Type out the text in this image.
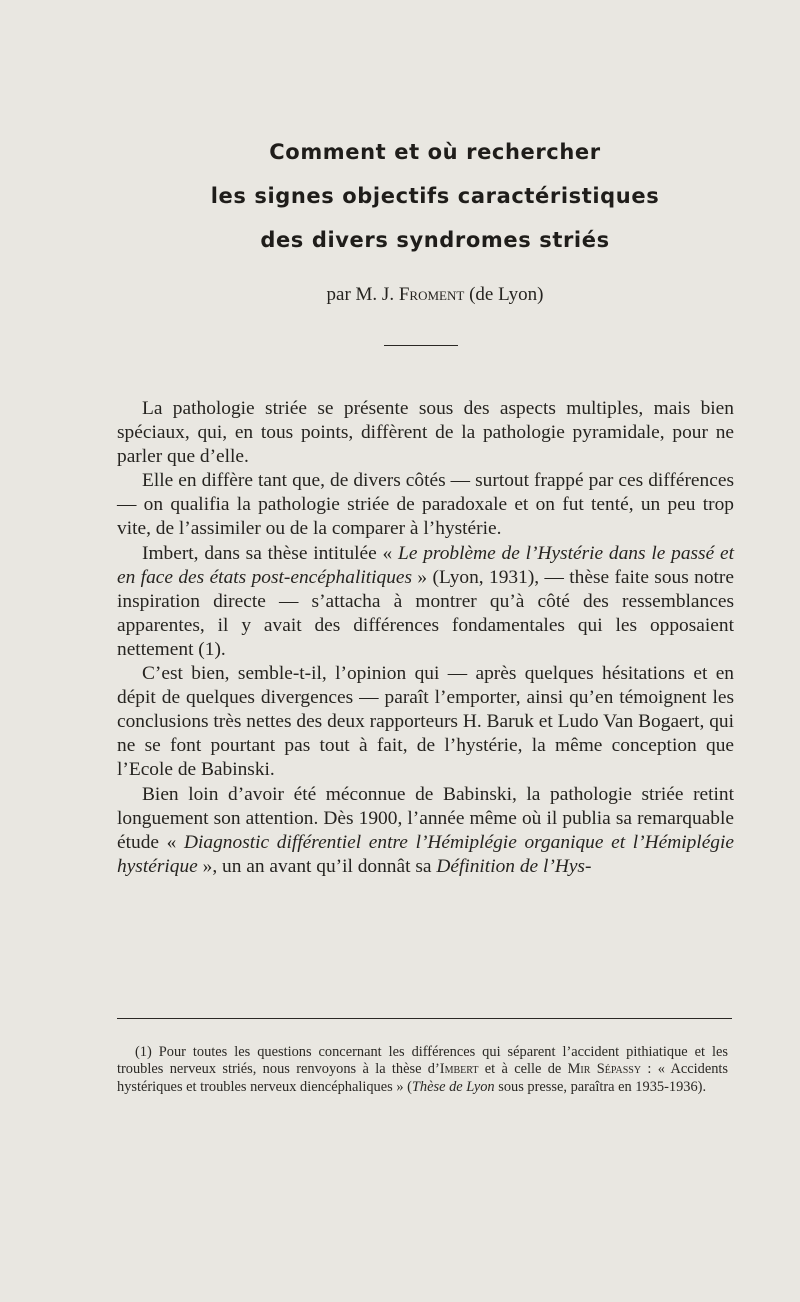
Comment et où rechercher
les signes objectifs caractéristiques
des divers syndromes striés
par M. J. Froment (de Lyon)

La pathologie striée se présente sous des aspects multiples, mais bien spéciaux, qui, en tous points, diffèrent de la pathologie pyramidale, pour ne parler que d’elle.

Elle en diffère tant que, de divers côtés — surtout frappé par ces différences — on qualifia la pathologie striée de paradoxale et on fut tenté, un peu trop vite, de l’assimiler ou de la comparer à l’hystérie.

Imbert, dans sa thèse intitulée « Le problème de l’Hystérie dans le passé et en face des états post-encéphalitiques » (Lyon, 1931), — thèse faite sous notre inspiration directe — s’attacha à montrer qu’à côté des ressemblances apparentes, il y avait des différences fondamentales qui les opposaient nettement (1).

C’est bien, semble-t-il, l’opinion qui — après quelques hésitations et en dépit de quelques divergences — paraît l’emporter, ainsi qu’en témoignent les conclusions très nettes des deux rapporteurs H. Baruk et Ludo Van Bogaert, qui ne se font pourtant pas tout à fait, de l’hystérie, la même conception que l’Ecole de Babinski.

Bien loin d’avoir été méconnue de Babinski, la pathologie striée retint longuement son attention. Dès 1900, l’année même où il publia sa remarquable étude « Diagnostic différentiel entre l’Hémiplégie organique et l’Hémiplégie hystérique », un an avant qu’il donnât sa Définition de l’Hys-

(1) Pour toutes les questions concernant les différences qui séparent l’accident pithiatique et les troubles nerveux striés, nous renvoyons à la thèse d’Imbert et à celle de Mir Sépassy : « Accidents hystériques et troubles nerveux diencéphaliques » (Thèse de Lyon sous presse, paraîtra en 1935-1936).
